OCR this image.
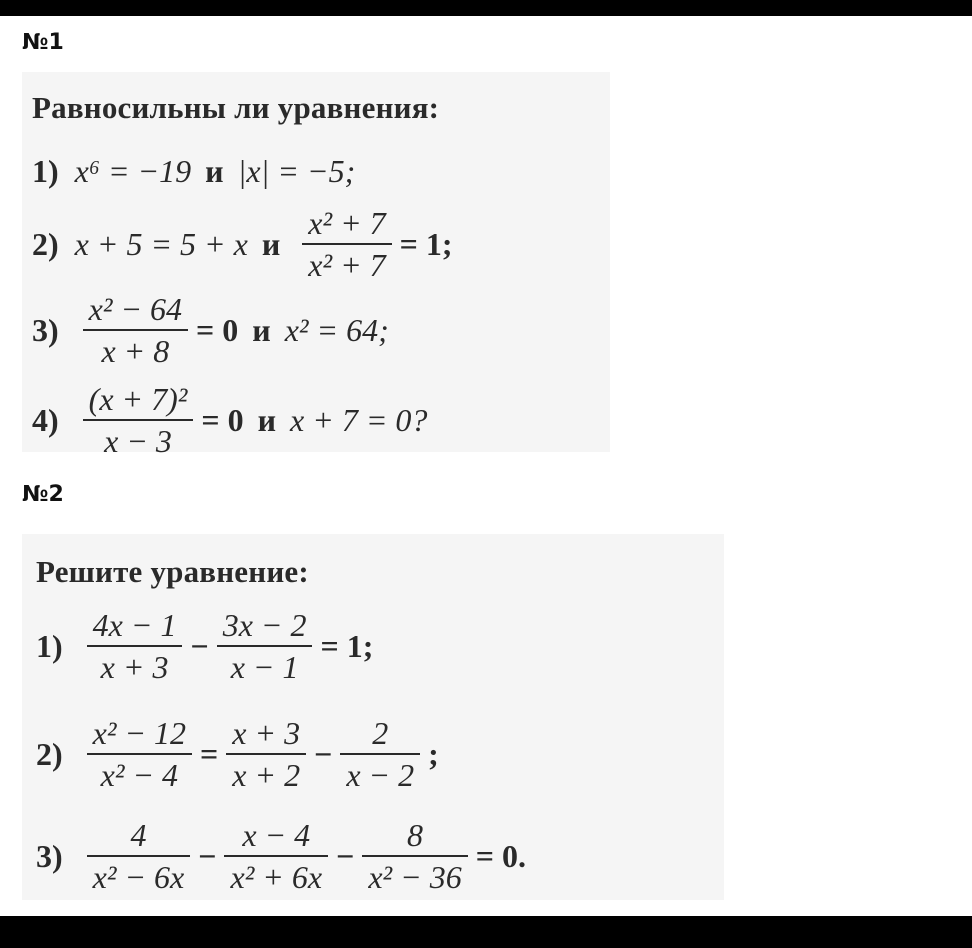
№1
Равносильны ли уравнения:
1) x⁶ = −19 и |x| = −5;
2) x + 5 = 5 + x и $\frac{\text{x² + 7}}{\text{x² + 7}} = 1$;
$3) \frac{\text{x² − 64}}{x + 8} = 0$ и x² = 64;
$4) \frac{\text{(x + 7)²}}{x - 3} = 0$ и x + 7 = 0?
№2
Решите уравнение:
$1) \frac{4x - 1}{x + 3} - \frac{3x - 2}{x - 1} = 1$;
$2) \frac{\text{x² − 12}}{\text{x² − 4}} = \frac{x + 3}{x + 2} - \frac{2}{x - 2}$ ;
$3) \frac{4}{\text{x² − 6x}} - \frac{x - 4}{\text{x² + 6x}} - \frac{8}{\text{x² − 36}} = 0$.
